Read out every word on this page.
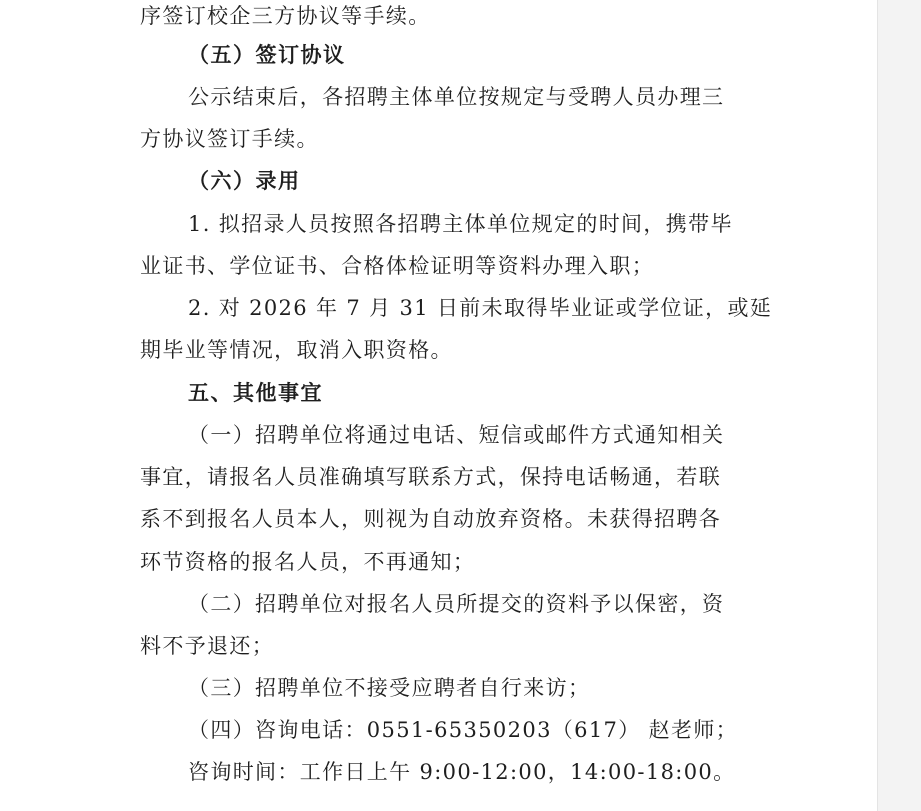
序签订校企三方协议等手续。
（五）签订协议
公示结束后，各招聘主体单位按规定与受聘人员办理三
方协议签订手续。
（六）录用
1. 拟招录人员按照各招聘主体单位规定的时间，携带毕
业证书、学位证书、合格体检证明等资料办理入职；
2. 对 2026 年 7 月 31 日前未取得毕业证或学位证，或延
期毕业等情况，取消入职资格。
五、其他事宜
（一）招聘单位将通过电话、短信或邮件方式通知相关
事宜，请报名人员准确填写联系方式，保持电话畅通，若联
系不到报名人员本人，则视为自动放弃资格。未获得招聘各
环节资格的报名人员，不再通知；
（二）招聘单位对报名人员所提交的资料予以保密，资
料不予退还；
（三）招聘单位不接受应聘者自行来访；
（四）咨询电话：0551-65350203（617） 赵老师；
咨询时间：工作日上午 9:00-12:00，14:00-18:00。
